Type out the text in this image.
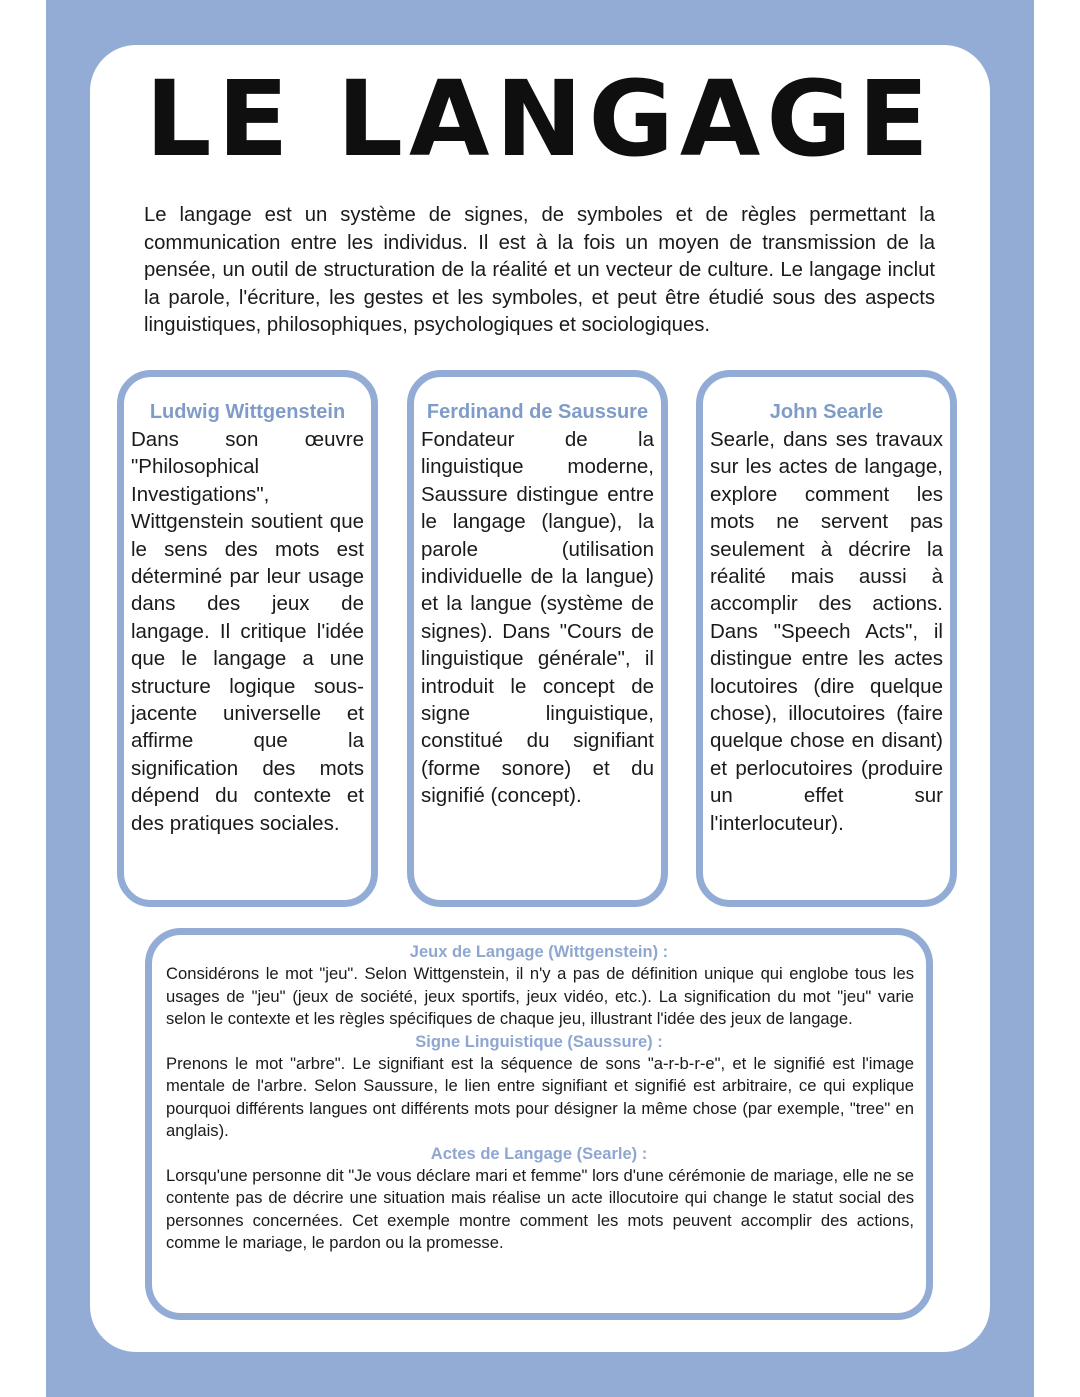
LE LANGAGE

Le langage est un système de signes, de symboles et de règles permettant la communication entre les individus. Il est à la fois un moyen de transmission de la pensée, un outil de structuration de la réalité et un vecteur de culture. Le langage inclut la parole, l'écriture, les gestes et les symboles, et peut être étudié sous des aspects linguistiques, philosophiques, psychologiques et sociologiques.

Ludwig Wittgenstein

Dans son œuvre "Philosophical Investigations", Wittgenstein soutient que le sens des mots est déterminé par leur usage dans des jeux de langage. Il critique l'idée que le langage a une structure logique sous-jacente universelle et affirme que la signification des mots dépend du contexte et des pratiques sociales.

Ferdinand de Saussure

Fondateur de la linguistique moderne, Saussure distingue entre le langage (langue), la parole (utilisation individuelle de la langue) et la langue (système de signes). Dans "Cours de linguistique générale", il introduit le concept de signe linguistique, constitué du signifiant (forme sonore) et du signifié (concept).

John Searle

Searle, dans ses travaux sur les actes de langage, explore comment les mots ne servent pas seulement à décrire la réalité mais aussi à accomplir des actions. Dans "Speech Acts", il distingue entre les actes locutoires (dire quelque chose), illocutoires (faire quelque chose en disant) et perlocutoires (produire un effet sur l'interlocuteur).

Jeux de Langage (Wittgenstein) :

Considérons le mot "jeu". Selon Wittgenstein, il n'y a pas de définition unique qui englobe tous les usages de "jeu" (jeux de société, jeux sportifs, jeux vidéo, etc.). La signification du mot "jeu" varie selon le contexte et les règles spécifiques de chaque jeu, illustrant l'idée des jeux de langage.

Signe Linguistique (Saussure) :

Prenons le mot "arbre". Le signifiant est la séquence de sons "a-r-b-r-e", et le signifié est l'image mentale de l'arbre. Selon Saussure, le lien entre signifiant et signifié est arbitraire, ce qui explique pourquoi différents langues ont différents mots pour désigner la même chose (par exemple, "tree" en anglais).

Actes de Langage (Searle) :

Lorsqu'une personne dit "Je vous déclare mari et femme" lors d'une cérémonie de mariage, elle ne se contente pas de décrire une situation mais réalise un acte illocutoire qui change le statut social des personnes concernées. Cet exemple montre comment les mots peuvent accomplir des actions, comme le mariage, le pardon ou la promesse.
